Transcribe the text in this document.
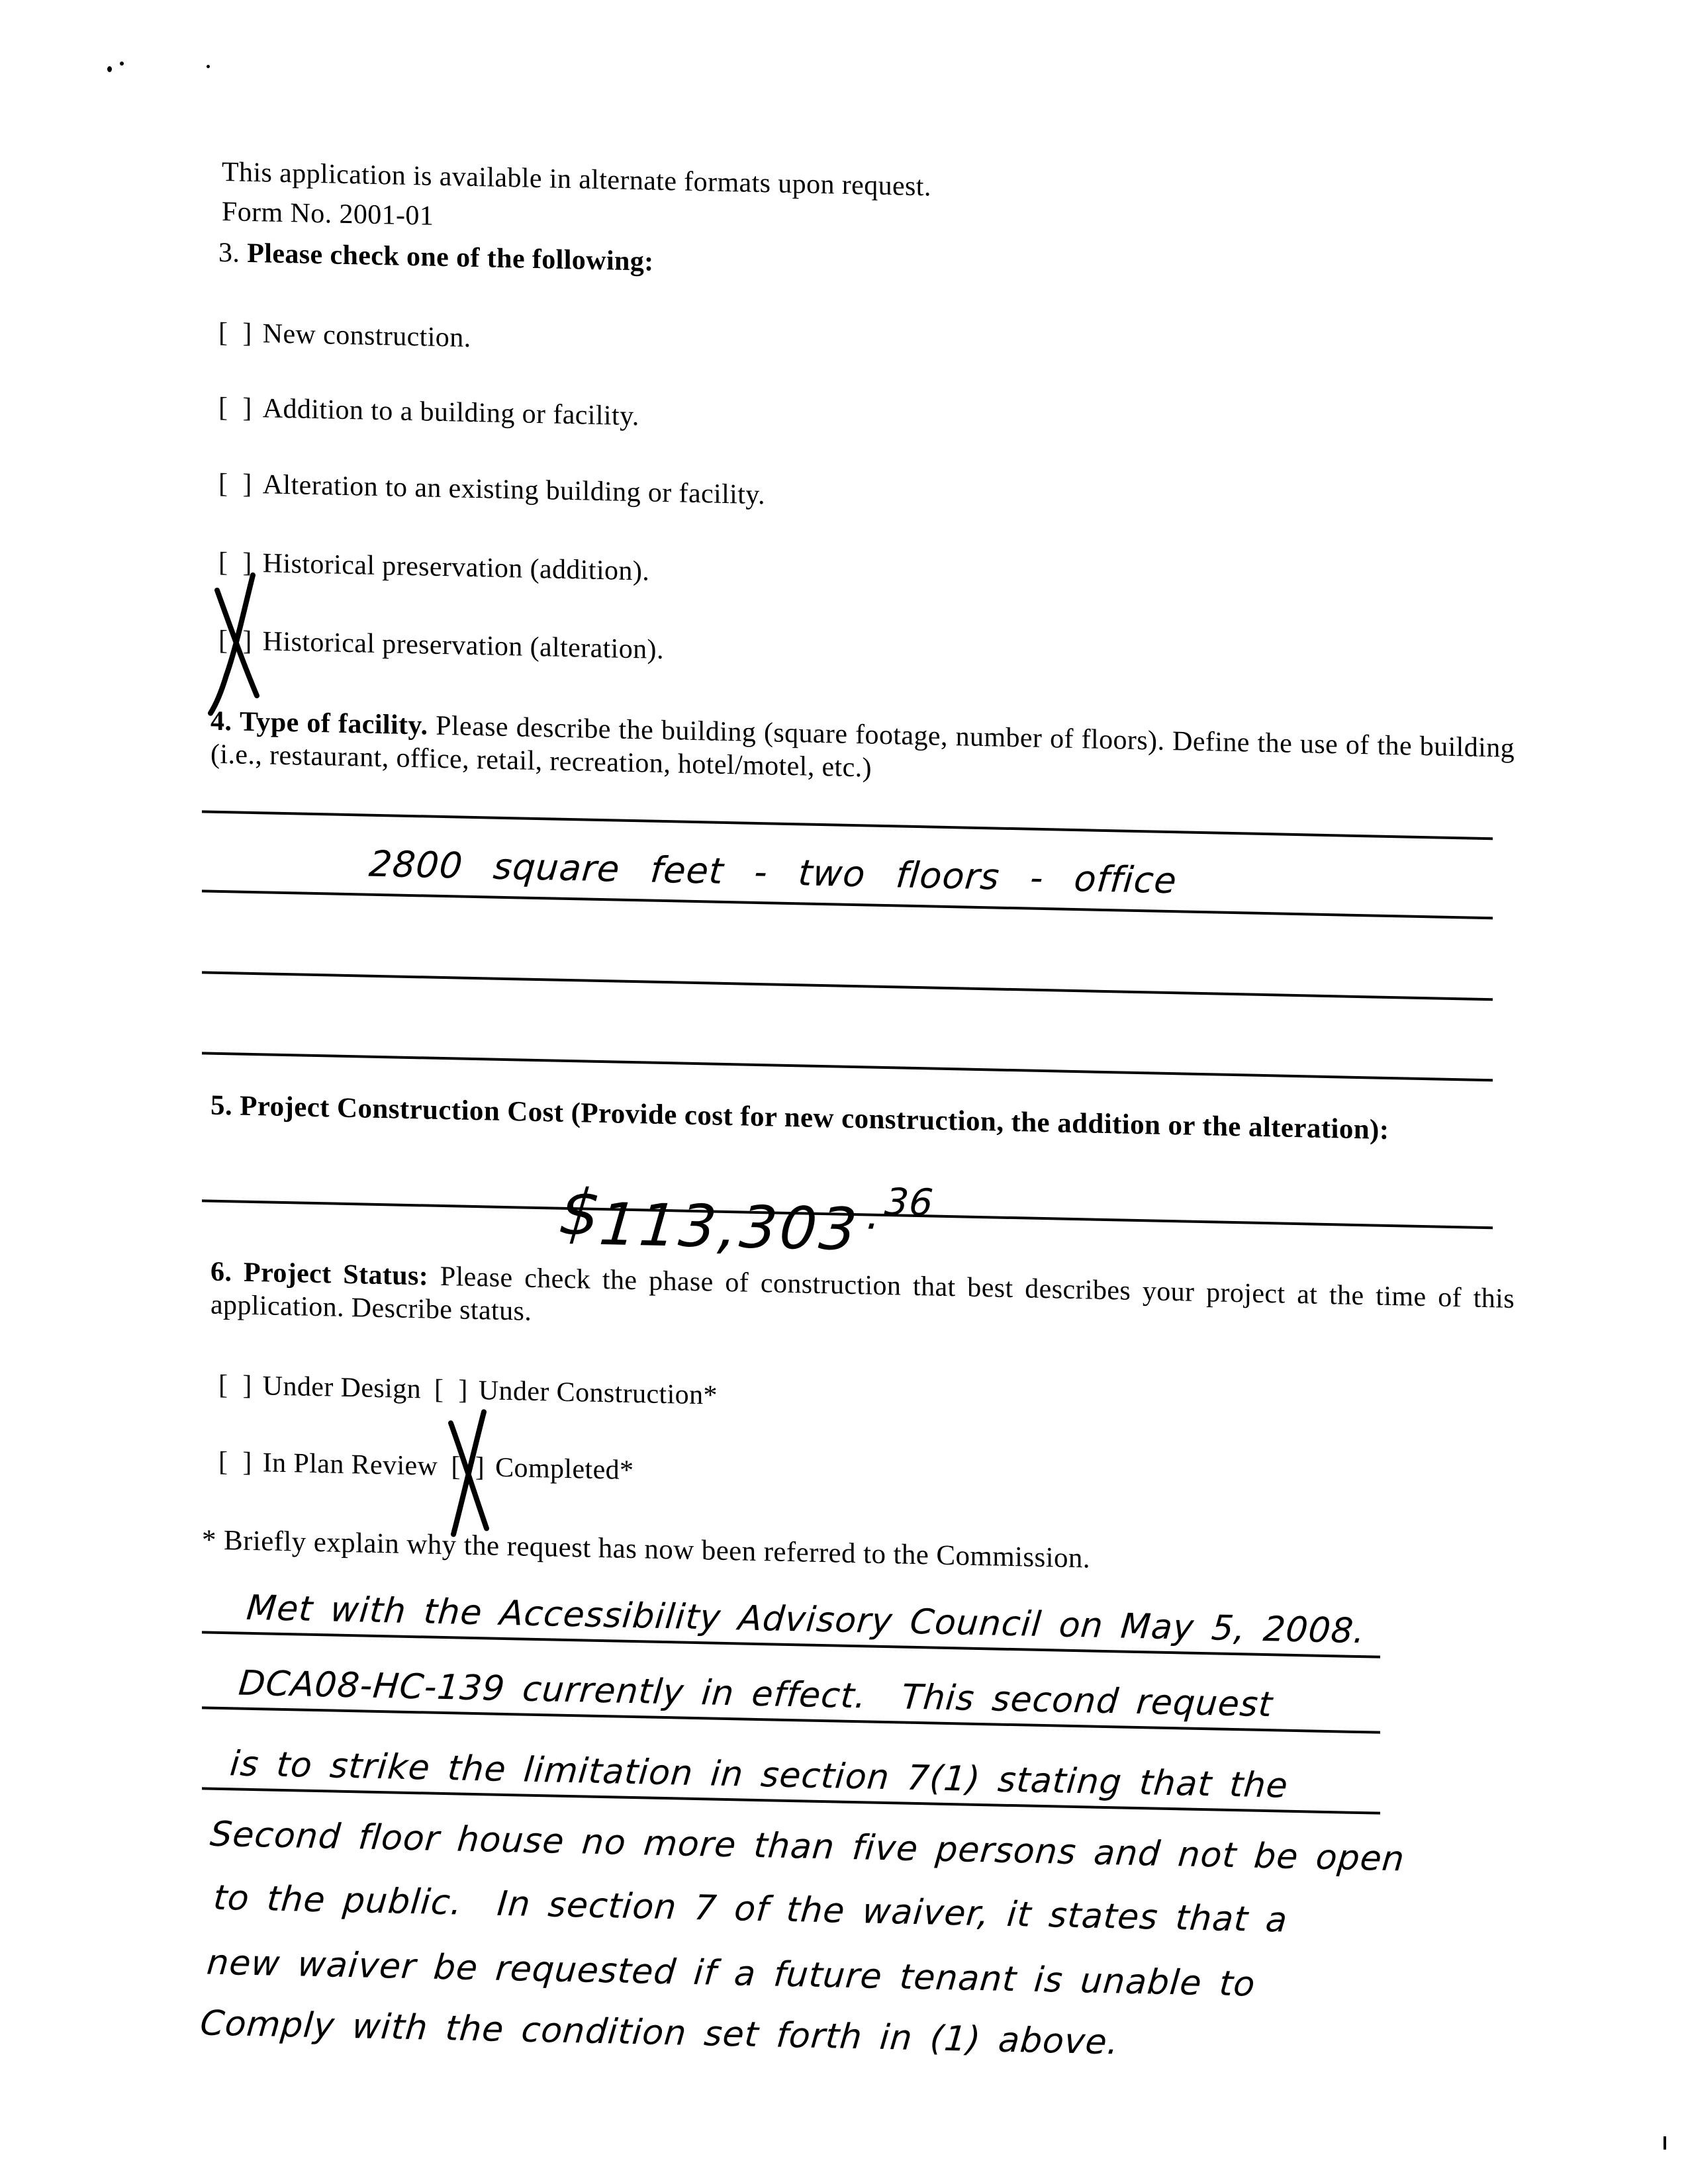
This application is available in alternate formats upon request.
Form No. 2001-01
3. Please check one of the following:
[ ] New construction.
[ ] Addition to a building or facility.
[ ] Alteration to an existing building or facility.
[ ] Historical preservation (addition).
[ ] Historical preservation (alteration).
4. Type of facility. Please describe the building (square footage, number of floors). Define the use of the building (i.e., restaurant, office, retail, recreation, hotel/motel, etc.)
2800 square feet - two floors - office
5. Project Construction Cost (Provide cost for new construction, the addition or the alteration):

$113,303.36

6. Project Status: Please check the phase of construction that best describes your project at the time of this application. Describe status.
[ ] Under Design [ ] Under Construction*
[ ] In Plan Review [ ] Completed*
* Briefly explain why the request has now been referred to the Commission.
Met with the Accessibility Advisory Council on May 5, 2008.
DCA08-HC-139 currently in effect.  This second request
is to strike the limitation in section 7(1) stating that the
Second floor house no more than five persons and not be open
to the public.  In section 7 of the waiver, it states that a
new waiver be requested if a future tenant is unable to
Comply with the condition set forth in (1) above.
